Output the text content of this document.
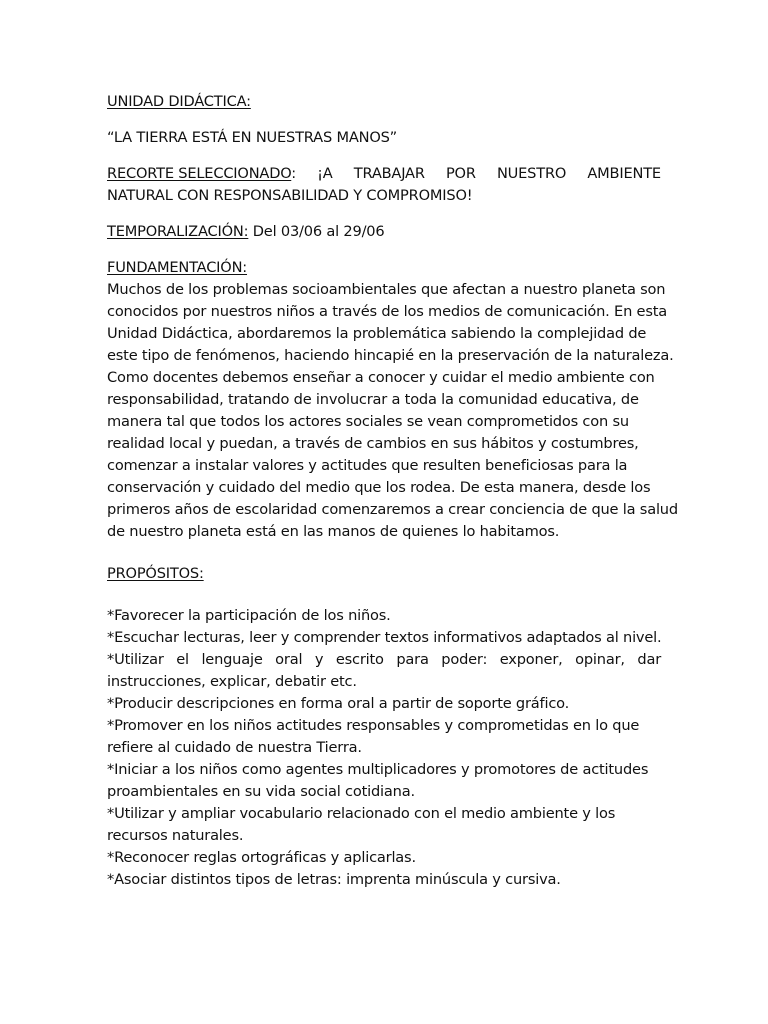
UNIDAD DIDÁCTICA:

“LA TIERRA ESTÁ EN NUESTRAS MANOS”

RECORTE SELECCIONADO: ¡A TRABAJAR POR NUESTRO AMBIENTE

NATURAL CON RESPONSABILIDAD Y COMPROMISO!

TEMPORALIZACIÓN: Del 03/06 al 29/06

FUNDAMENTACIÓN:

Muchos de los problemas socioambientales que afectan a nuestro planeta son
conocidos por nuestros niños a través de los medios de comunicación. En esta
Unidad Didáctica, abordaremos la problemática sabiendo la complejidad de
este tipo de fenómenos, haciendo hincapié en la preservación de la naturaleza.
Como docentes debemos enseñar a conocer y cuidar el medio ambiente con
responsabilidad, tratando de involucrar a toda la comunidad educativa, de
manera tal que todos los actores sociales se vean comprometidos con su
realidad local y puedan, a través de cambios en sus hábitos y costumbres,
comenzar a instalar valores y actitudes que resulten beneficiosas para la
conservación y cuidado del medio que los rodea. De esta manera, desde los
primeros años de escolaridad comenzaremos a crear conciencia de que la salud
de nuestro planeta está en las manos de quienes lo habitamos.

PROPÓSITOS:

*Favorecer la participación de los niños.
*Escuchar lecturas, leer y comprender textos informativos adaptados al nivel.
*Utilizar el lenguaje oral y escrito para poder: exponer, opinar, dar
instrucciones, explicar, debatir etc.
*Producir descripciones en forma oral a partir de soporte gráfico.
*Promover en los niños actitudes responsables y comprometidas en lo que
refiere al cuidado de nuestra Tierra.
*Iniciar a los niños como agentes multiplicadores y promotores de actitudes
proambientales en su vida social cotidiana.
*Utilizar y ampliar vocabulario relacionado con el medio ambiente y los
recursos naturales.
*Reconocer reglas ortográficas y aplicarlas.
*Asociar distintos tipos de letras: imprenta minúscula y cursiva.
